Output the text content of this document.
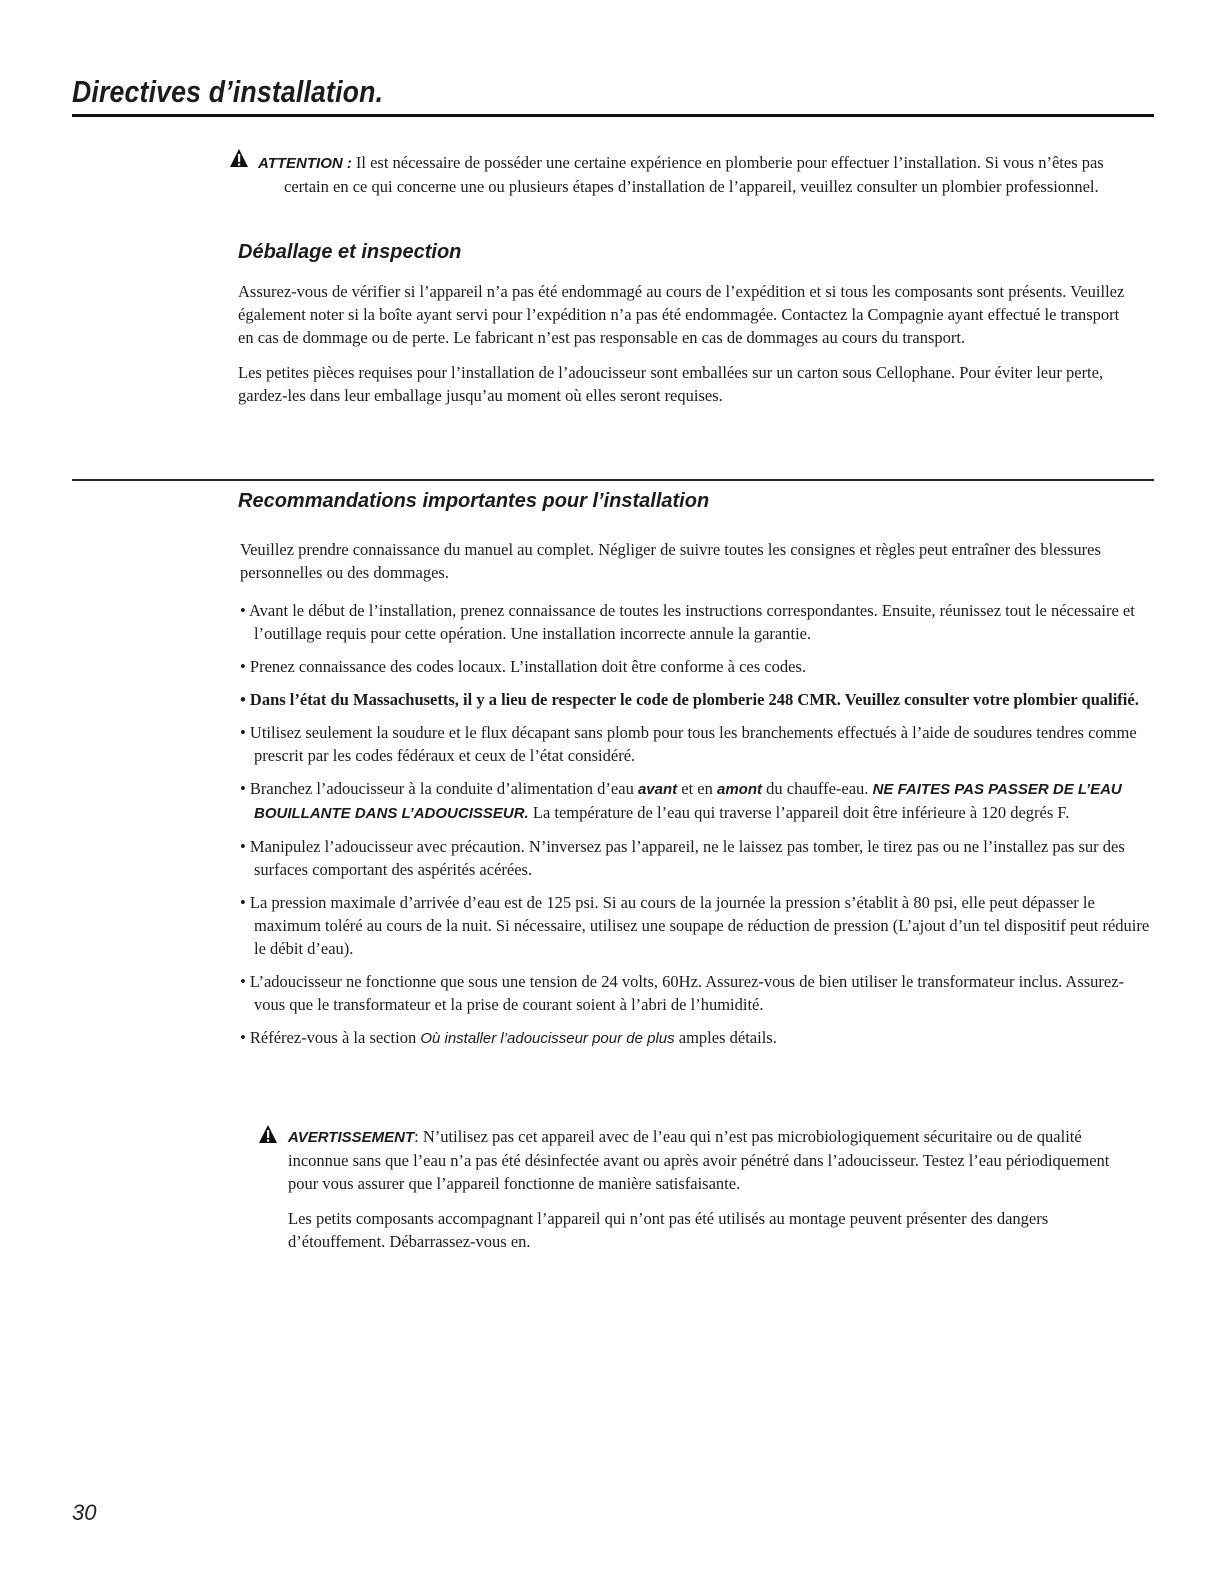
Directives d’installation.

ATTENTION : Il est nécessaire de posséder une certaine expérience en plomberie pour effectuer l’installation. Si vous n’êtes pas certain en ce qui concerne une ou plusieurs étapes d’installation de l’appareil, veuillez consulter un plombier professionnel.

Déballage et inspection

Assurez-vous de vérifier si l’appareil n’a pas été endommagé au cours de l’expédition et si tous les composants sont présents. Veuillez également noter si la boîte ayant servi pour l’expédition n’a pas été endommagée. Contactez la Compagnie ayant effectué le transport en cas de dommage ou de perte. Le fabricant n’est pas responsable en cas de dommages au cours du transport.

Les petites pièces requises pour l’installation de l’adoucisseur sont emballées sur un carton sous Cellophane. Pour éviter leur perte, gardez-les dans leur emballage jusqu’au moment où elles seront requises.

Recommandations importantes pour l’installation

Veuillez prendre connaissance du manuel au complet. Négliger de suivre toutes les consignes et règles peut entraîner des blessures personnelles ou des dommages.

• Avant le début de l’installation, prenez connaissance de toutes les instructions correspondantes. Ensuite, réunissez tout le nécessaire et l’outillage requis pour cette opération. Une installation incorrecte annule la garantie.
• Prenez connaissance des codes locaux. L’installation doit être conforme à ces codes.
• Dans l’état du Massachusetts, il y a lieu de respecter le code de plomberie 248 CMR. Veuillez consulter votre plombier qualifié.
• Utilisez seulement la soudure et le flux décapant sans plomb pour tous les branchements effectués à l’aide de soudures tendres comme prescrit par les codes fédéraux et ceux de l’état considéré.
• Branchez l’adoucisseur à la conduite d’alimentation d’eau avant et en amont du chauffe-eau. NE FAITES PAS PASSER DE L’EAU BOUILLANTE DANS L’ADOUCISSEUR. La température de l’eau qui traverse l’appareil doit être inférieure à 120 degrés F.
• Manipulez l’adoucisseur avec précaution. N’inversez pas l’appareil, ne le laissez pas tomber, le tirez pas ou ne l’installez pas sur des surfaces comportant des aspérités acérées.
• La pression maximale d’arrivée d’eau est de 125 psi. Si au cours de la journée la pression s’établit à 80 psi, elle peut dépasser le maximum toléré au cours de la nuit. Si nécessaire, utilisez une soupape de réduction de pression (L’ajout d’un tel dispositif peut réduire le débit d’eau).
• L’adoucisseur ne fonctionne que sous une tension de 24 volts, 60Hz. Assurez-vous de bien utiliser le transformateur inclus. Assurez-vous que le transformateur et la prise de courant soient à l’abri de l’humidité.
• Référez-vous à la section Où installer l’adoucisseur pour de plus amples détails.

AVERTISSEMENT: N’utilisez pas cet appareil avec de l’eau qui n’est pas microbiologiquement sécuritaire ou de qualité inconnue sans que l’eau n’a pas été désinfectée avant ou après avoir pénétré dans l’adoucisseur. Testez l’eau périodiquement pour vous assurer que l’appareil fonctionne de manière satisfaisante.

Les petits composants accompagnant l’appareil qui n’ont pas été utilisés au montage peuvent présenter des dangers d’étouffement. Débarrassez-vous en.

30
